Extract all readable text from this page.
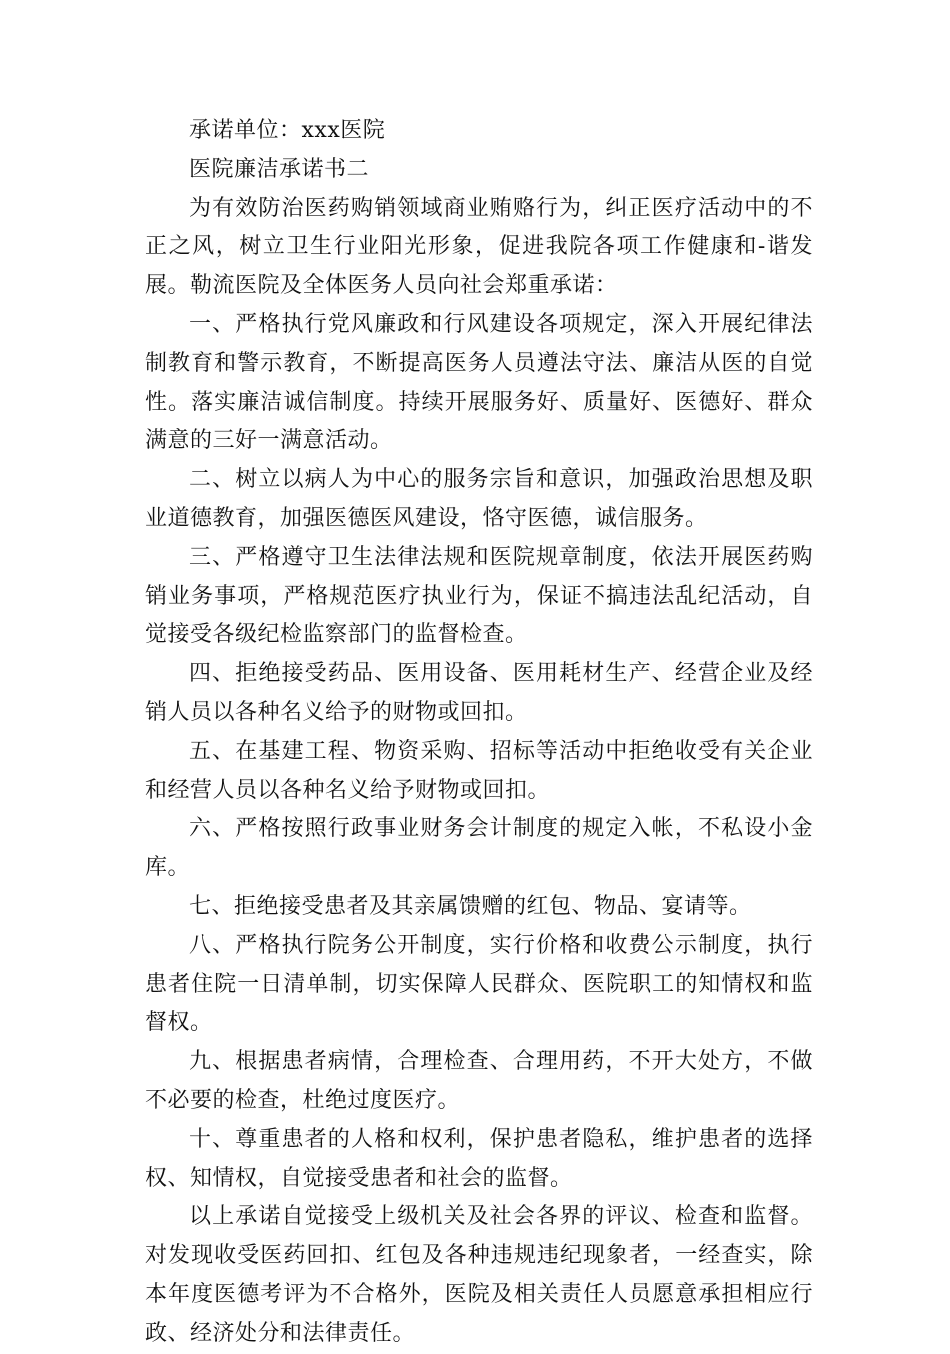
承诺单位：xxx医院

医院廉洁承诺书二

为有效防治医药购销领域商业贿赂行为，纠正医疗活动中的不正之风，树立卫生行业阳光形象，促进我院各项工作健康和-谐发展。勒流医院及全体医务人员向社会郑重承诺：

一、严格执行党风廉政和行风建设各项规定，深入开展纪律法制教育和警示教育，不断提高医务人员遵法守法、廉洁从医的自觉性。落实廉洁诚信制度。持续开展服务好、质量好、医德好、群众满意的三好一满意活动。

二、树立以病人为中心的服务宗旨和意识，加强政治思想及职业道德教育，加强医德医风建设，恪守医德，诚信服务。

三、严格遵守卫生法律法规和医院规章制度，依法开展医药购销业务事项，严格规范医疗执业行为，保证不搞违法乱纪活动，自觉接受各级纪检监察部门的监督检查。

四、拒绝接受药品、医用设备、医用耗材生产、经营企业及经销人员以各种名义给予的财物或回扣。

五、在基建工程、物资采购、招标等活动中拒绝收受有关企业和经营人员以各种名义给予财物或回扣。

六、严格按照行政事业财务会计制度的规定入帐，不私设小金库。

七、拒绝接受患者及其亲属馈赠的红包、物品、宴请等。

八、严格执行院务公开制度，实行价格和收费公示制度，执行患者住院一日清单制，切实保障人民群众、医院职工的知情权和监督权。

九、根据患者病情，合理检查、合理用药，不开大处方，不做不必要的检查，杜绝过度医疗。

十、尊重患者的人格和权利，保护患者隐私，维护患者的选择权、知情权，自觉接受患者和社会的监督。

以上承诺自觉接受上级机关及社会各界的评议、检查和监督。对发现收受医药回扣、红包及各种违规违纪现象者，一经查实，除本年度医德考评为不合格外，医院及相关责任人员愿意承担相应行政、经济处分和法律责任。
